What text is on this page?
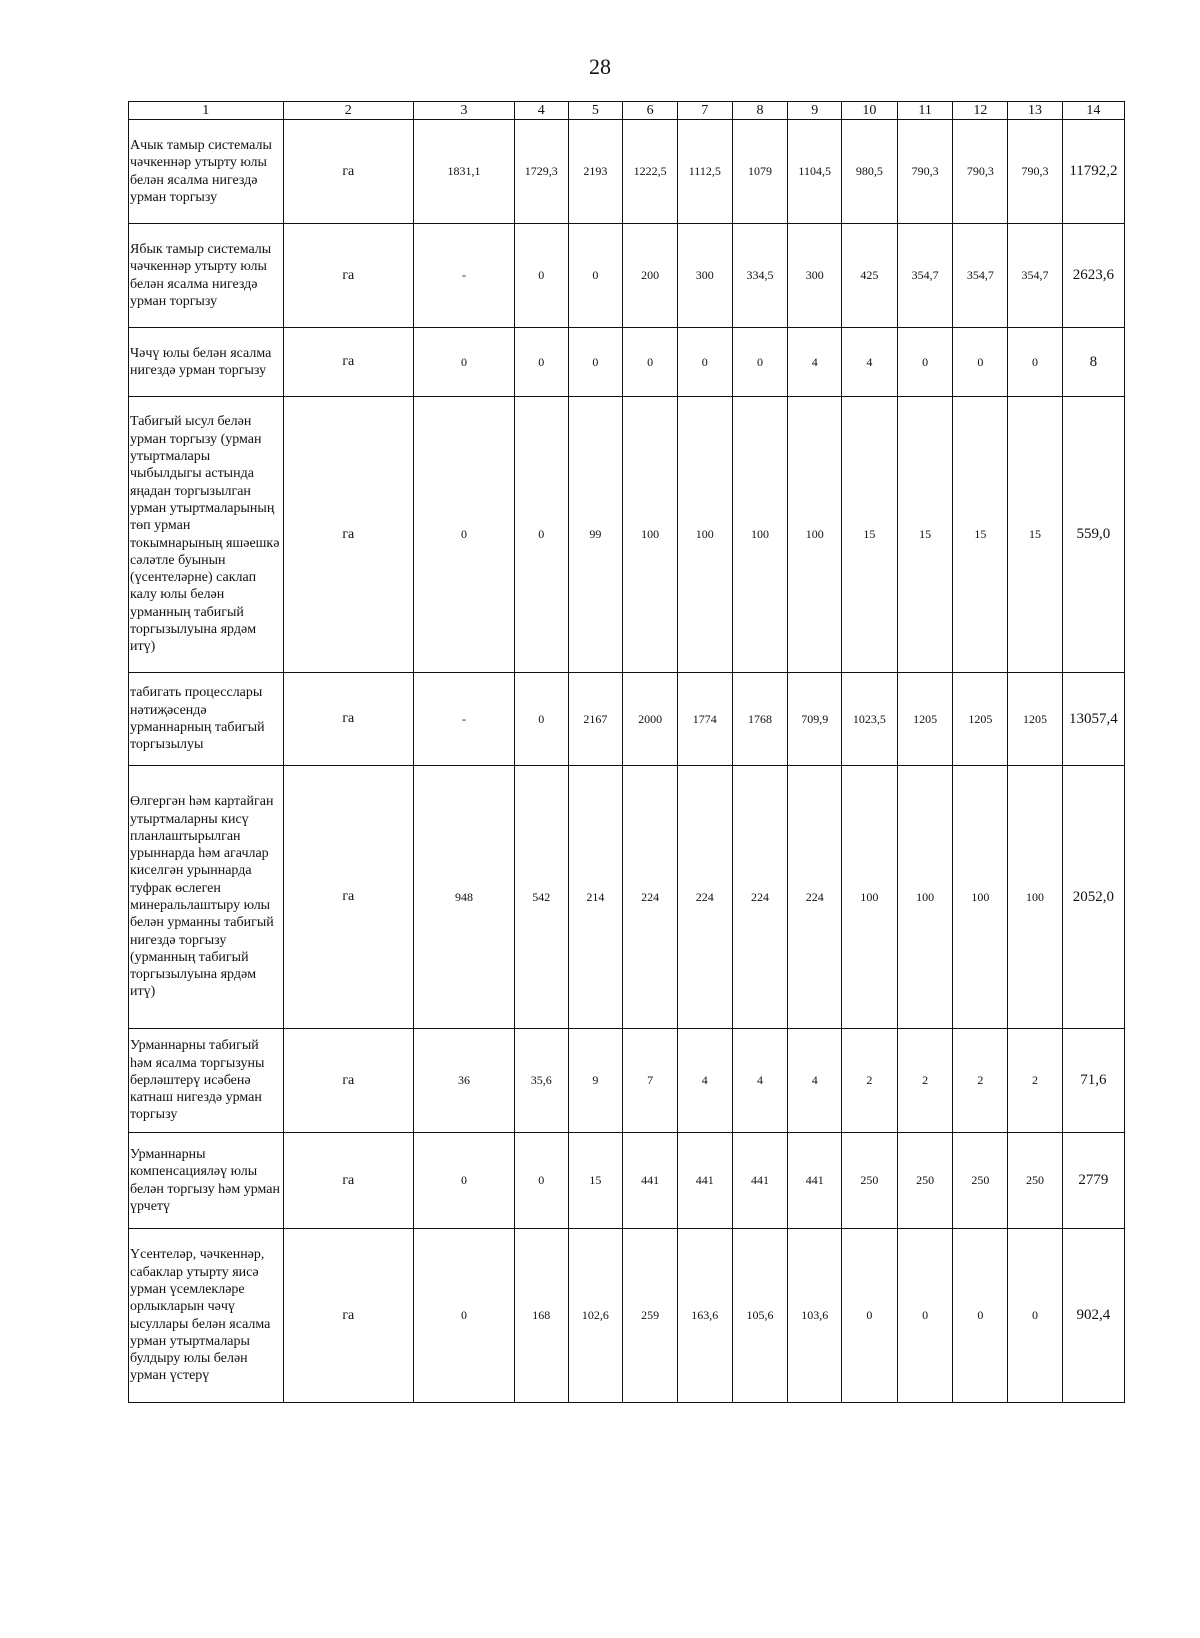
28
1	2	3	4	5	6	7	8	9	10	11	12	13	14
Ачык тамыр системалы чәчкеннәр утырту юлы белән ясалма нигездә урман торгызу	га	1831,1	1729,3	2193	1222,5	1112,5	1079	1104,5	980,5	790,3	790,3	790,3	11792,2
Ябык тамыр системалы чәчкеннәр утырту юлы белән ясалма нигездә урман торгызу	га	-	0	0	200	300	334,5	300	425	354,7	354,7	354,7	2623,6
Чәчү юлы белән ясалма нигездә урман торгызу	га	0	0	0	0	0	0	4	4	0	0	0	8
Табигый ысул белән урман торгызу (урман утыртмалары чыбылдыгы астында яңадан торгызылган урман утыртмаларының төп урман токымнарының яшәешкә сәләтле буынын (үсентеләрне) саклап калу юлы белән урманның табигый торгызылуына ярдәм итү)	га	0	0	99	100	100	100	100	15	15	15	15	559,0
табигать процесслары нәтиҗәсендә урманнарның табигый торгызылуы	га	-	0	2167	2000	1774	1768	709,9	1023,5	1205	1205	1205	13057,4
Өлгергән һәм картайган утыртмаларны кисү планлаштырылган урыннарда һәм агачлар киселгән урыннарда туфрак өслеген минеральлаштыру юлы белән урманны табигый нигездә торгызу (урманның табигый торгызылуына ярдәм итү)	га	948	542	214	224	224	224	224	100	100	100	100	2052,0
Урманнарны табигый һәм ясалма торгызуны берләштерү исәбенә катнаш нигездә урман торгызу	га	36	35,6	9	7	4	4	4	2	2	2	2	71,6
Урманнарны компенсацияләү юлы белән торгызу һәм урман үрчетү	га	0	0	15	441	441	441	441	250	250	250	250	2779
Үсентеләр, чәчкеннәр, сабаклар утырту яисә урман үсемлекләре орлыкларын чәчү ысуллары белән ясалма урман утыртмалары булдыру юлы белән урман үстерү	га	0	168	102,6	259	163,6	105,6	103,6	0	0	0	0	902,4
